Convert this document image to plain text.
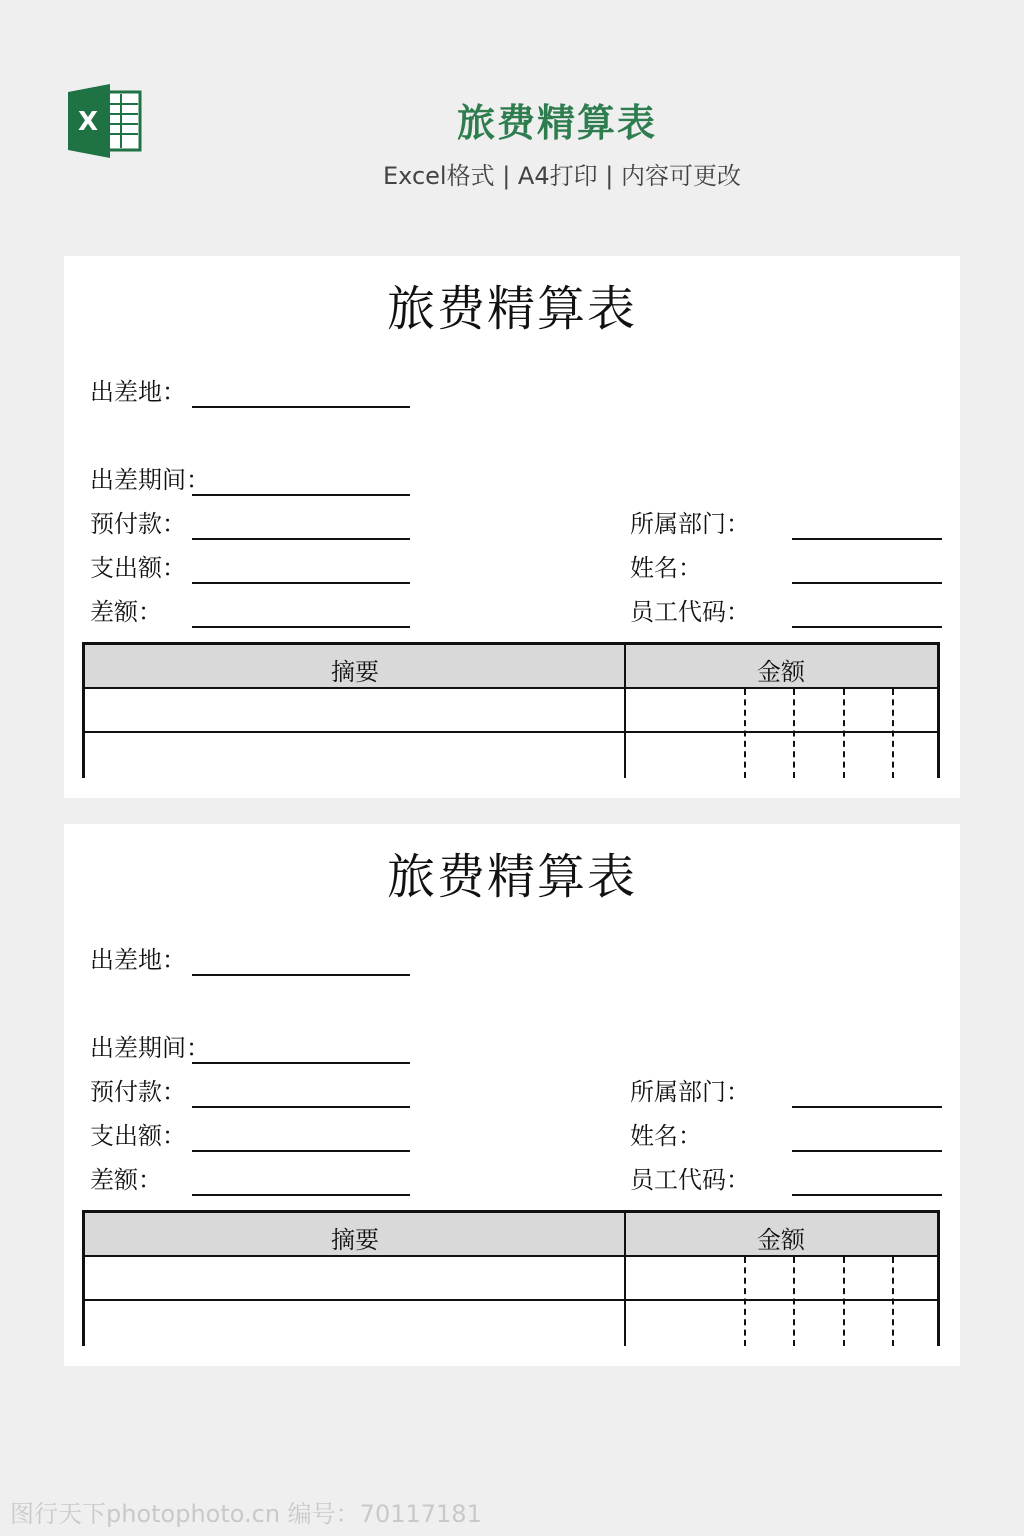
X	旅费精算表
Excel格式 | A4打印 | 内容可更改
旅费精算表
出差地：
出差期间：
预付款：
支出额：
差额：
所属部门：
姓名：
员工代码：
摘要	金额
旅费精算表
出差地：
出差期间：
预付款：
支出额：
差额：
所属部门：
姓名：
员工代码：
摘要	金额
图行天下photophoto.cn 编号：70117181
